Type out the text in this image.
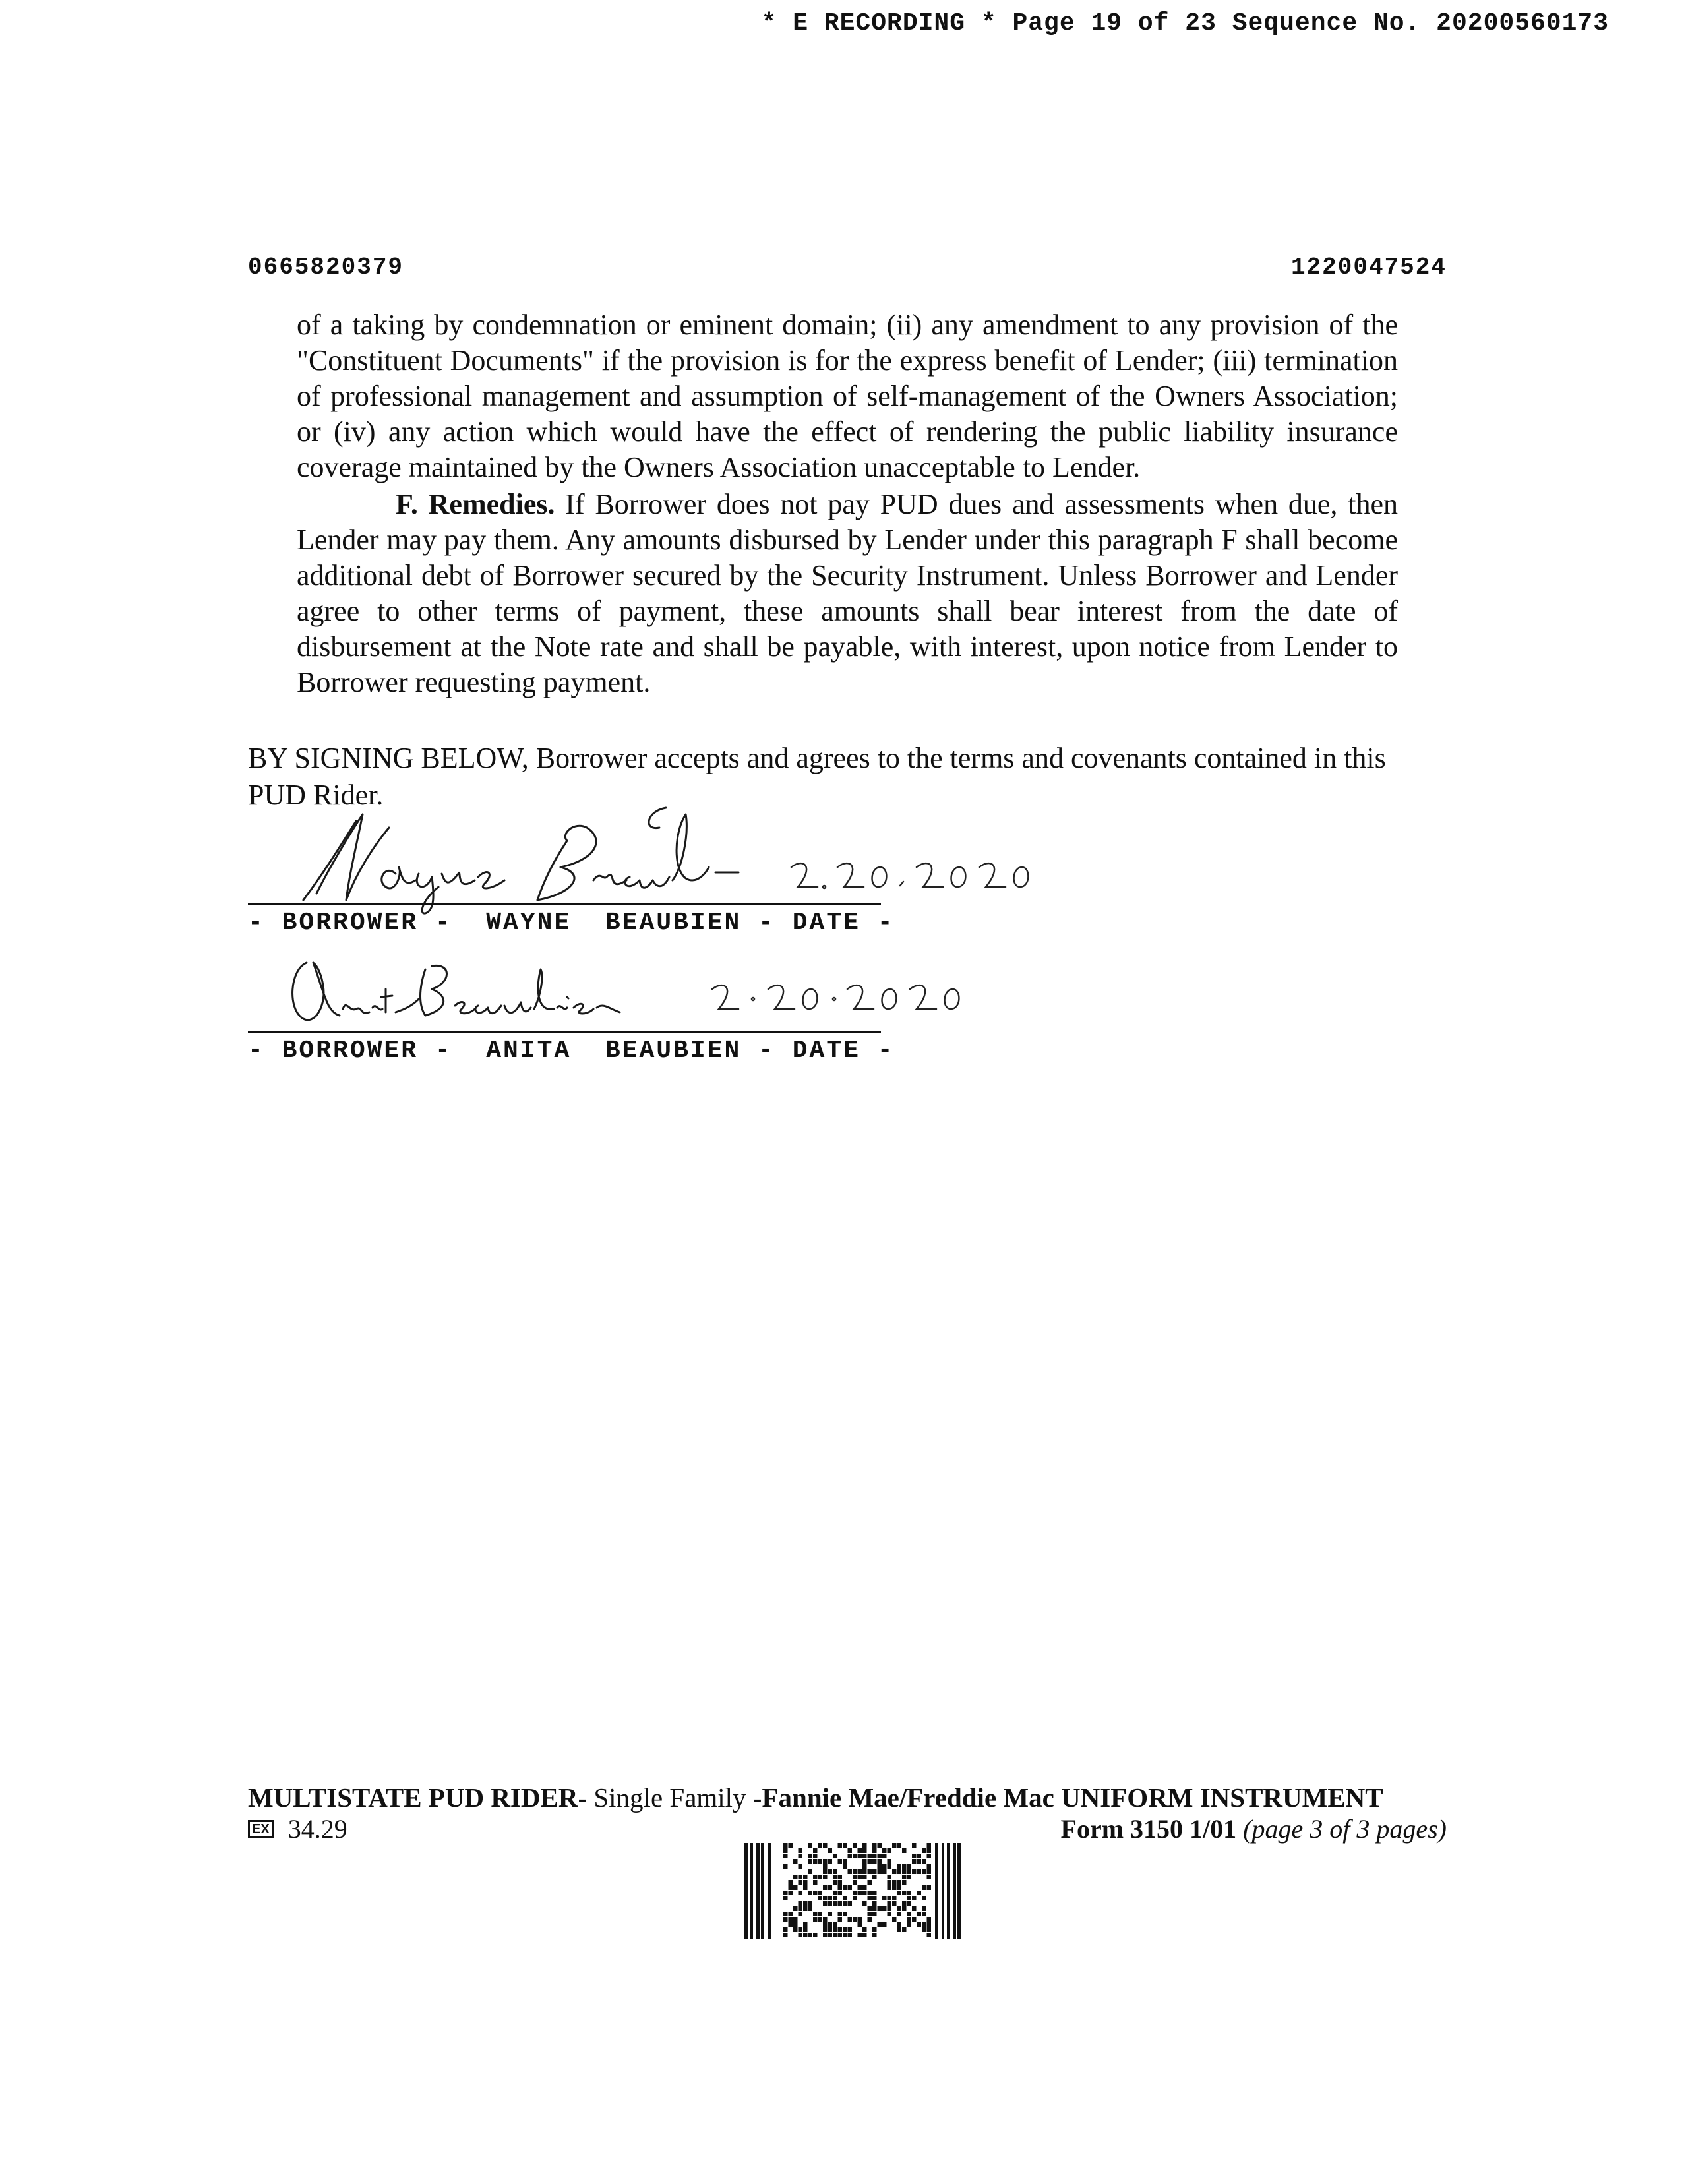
* E RECORDING * Page 19 of 23 Sequence No. 20200560173
0665820379	1220047524

of a taking by condemnation or eminent domain; (ii) any amendment to any provision of the "Constituent Documents" if the provision is for the express benefit of Lender; (iii) termination of professional management and assumption of self-management of the Owners Association; or (iv) any action which would have the effect of rendering the public liability insurance coverage maintained by the Owners Association unacceptable to Lender.

F. Remedies. If Borrower does not pay PUD dues and assessments when due, then Lender may pay them. Any amounts disbursed by Lender under this paragraph F shall become additional debt of Borrower secured by the Security Instrument. Unless Borrower and Lender agree to other terms of payment, these amounts shall bear interest from the date of disbursement at the Note rate and shall be payable, with interest, upon notice from Lender to Borrower requesting payment.

BY SIGNING BELOW, Borrower accepts and agrees to the terms and covenants contained in this PUD Rider.
- BORROWER -  WAYNE  BEAUBIEN - DATE -
- BORROWER -  ANITA  BEAUBIEN - DATE -
MULTISTATE PUD RIDER- Single Family -Fannie Mae/Freddie Mac UNIFORM INSTRUMENT
EX 34.29	Form 3150 1/01 (page 3 of 3 pages)
